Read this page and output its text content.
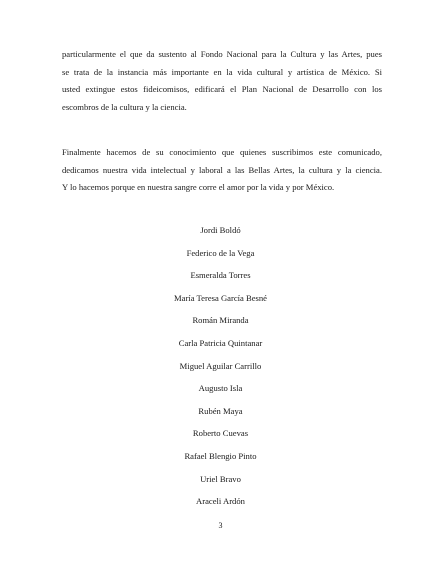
particularmente el que da sustento al Fondo Nacional para la Cultura y las Artes, pues
se trata de la instancia más importante en la vida cultural y artística de México. Si
usted extingue estos fideicomisos, edificará el Plan Nacional de Desarrollo con los
escombros de la cultura y la ciencia.

Finalmente hacemos de su conocimiento que quienes suscribimos este comunicado,
dedicamos nuestra vida intelectual y laboral a las Bellas Artes, la cultura y la ciencia.
Y lo hacemos porque en nuestra sangre corre el amor por la vida y por México.

Jordi Boldó
Federico de la Vega
Esmeralda Torres
María Teresa García Besné
Román Miranda
Carla Patricia Quintanar
Miguel Aguilar Carrillo
Augusto Isla
Rubén Maya
Roberto Cuevas
Rafael Blengio Pinto
Uriel Bravo
Araceli Ardón
3
